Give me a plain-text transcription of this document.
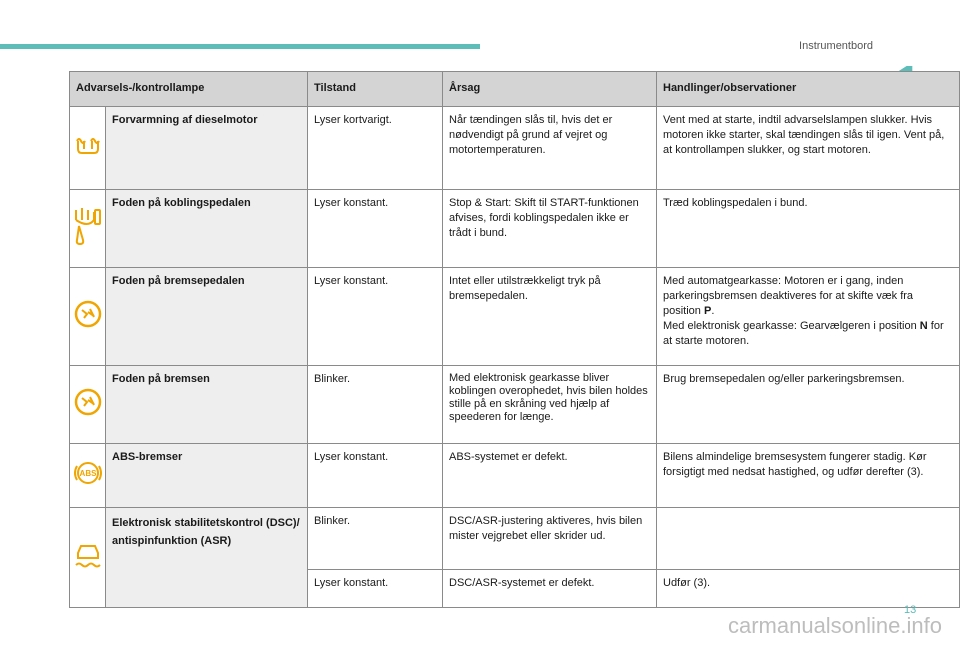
Instrumentbord
Advarsels-/kontrollampe		Tilstand	Årsag	Handlinger/observationer
	Forvarmning af dieselmotor	Lyser kortvarigt.	Når tændingen slås til, hvis det er nødvendigt på grund af vejret og motortemperaturen.	Vent med at starte, indtil advarselslampen slukker. Hvis motoren ikke starter, skal tændingen slås til igen. Vent på, at kontrollampen slukker, og start motoren.
	Foden på koblingspedalen	Lyser konstant.	Stop & Start: Skift til START-funktionen afvises, fordi koblingspedalen ikke er trådt i bund.	Træd koblingspedalen i bund.
	Foden på bremsepedalen	Lyser konstant.	Intet eller utilstrækkeligt tryk på bremsepedalen.	Med automatgearkasse: Motoren er i gang, inden parkeringsbremsen deaktiveres for at skifte væk fra position P.
Med elektronisk gearkasse: Gearvælgeren i position N for at starte motoren.
	Foden på bremsen	Blinker.	Med elektronisk gearkasse bliver koblingen overophedet, hvis bilen holdes stille på en skråning ved hjælp af speederen for længe.	Brug bremsepedalen og/eller parkeringsbremsen.

ABS	ABS-bremser	Lyser konstant.	ABS-systemet er defekt.	Bilens almindelige bremsesystem fungerer stadig. Kør forsigtigt med nedsat hastighed, og udfør derefter (3).
	Elektronisk stabilitetskontrol (DSC)/ antispinfunktion (ASR)	Blinker.	DSC/ASR-justering aktiveres, hvis bilen mister vejgrebet eller skrider ud.	
		Lyser konstant.	DSC/ASR-systemet er defekt.	Udfør (3).
13
carmanualsonline.info
